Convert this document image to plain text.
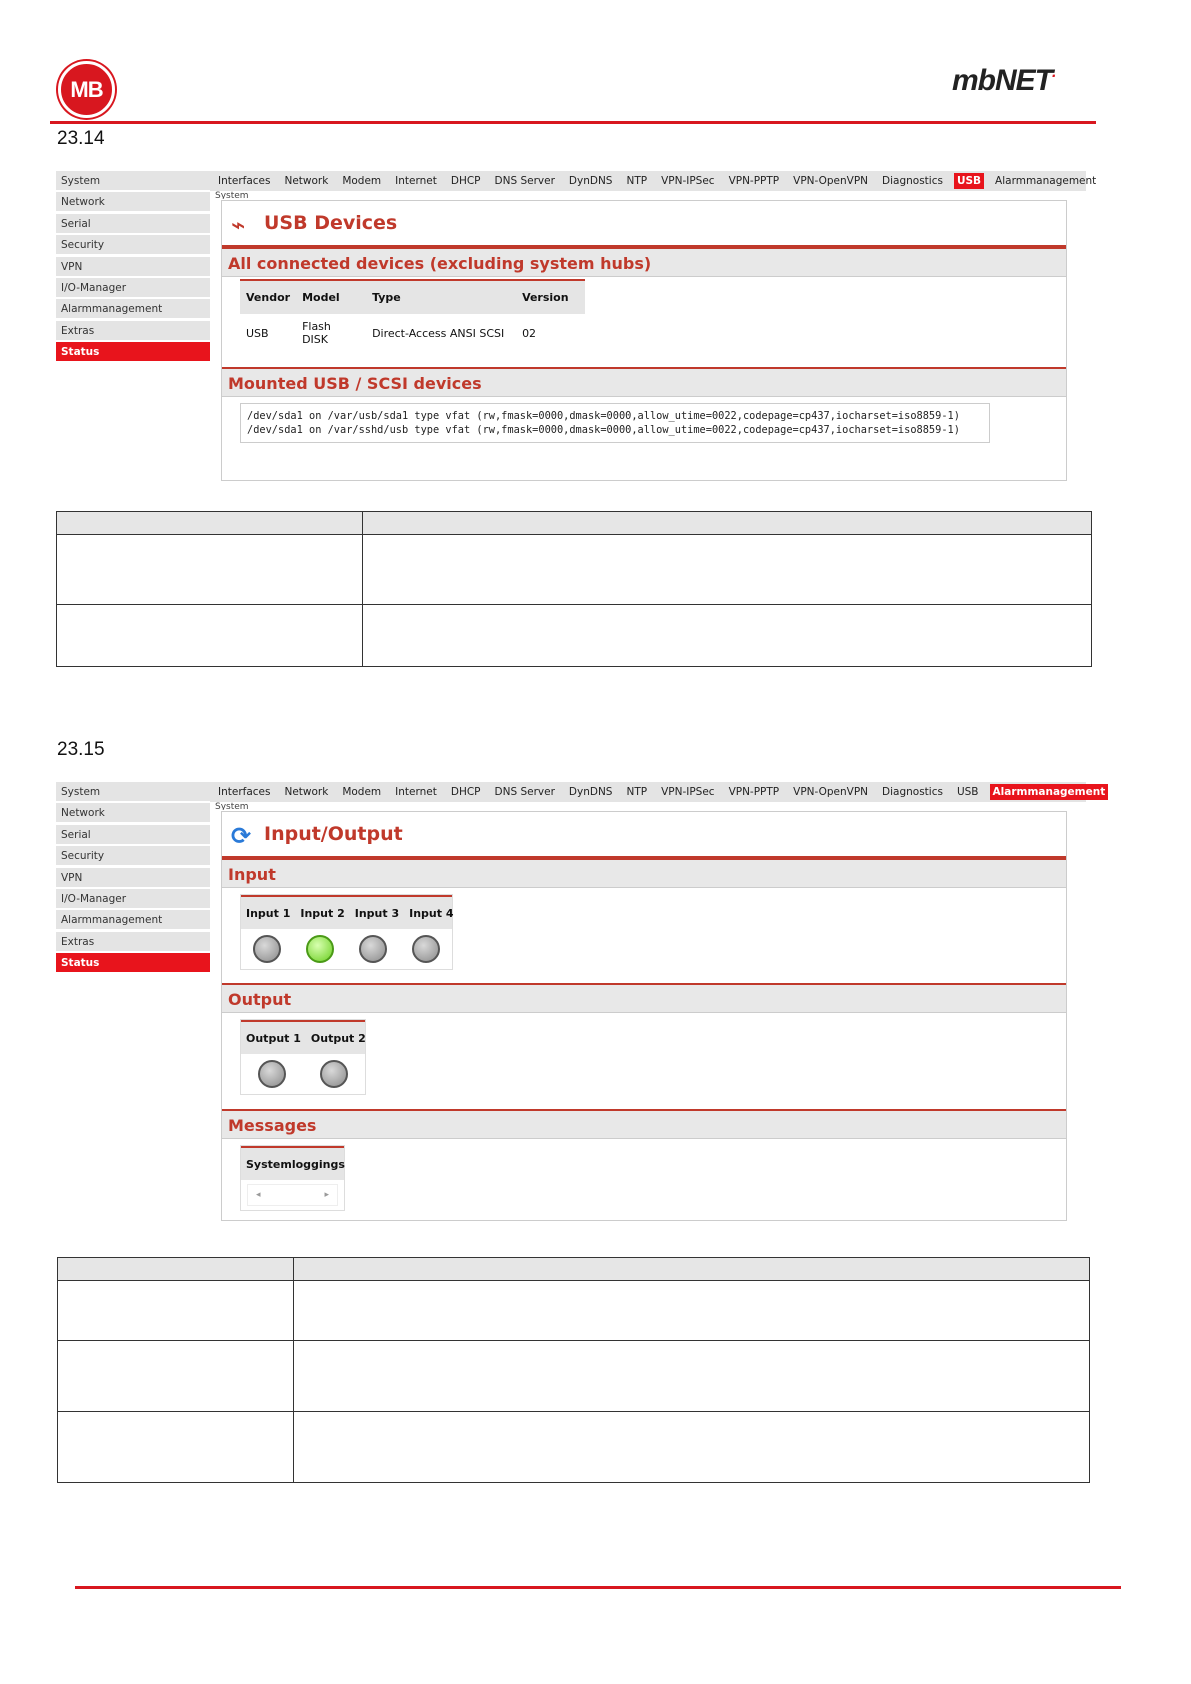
MB	mbNET.
23.14
System
Network
Serial
Security
VPN
I/O-Manager
Alarmmanagement
Extras
Status
Interfaces Network Modem Internet DHCP DNS Server DynDNS NTP VPN-IPSec VPN-PPTP VPN-OpenVPN Diagnostics USB Alarmmanagement
System
⌁ USB Devices
All connected devices (excluding system hubs)
Vendor	Model	Type	Version
USB	Flash DISK	Direct-Access ANSI SCSI	02
Mounted USB / SCSI devices
/dev/sda1 on /var/usb/sda1 type vfat (rw,fmask=0000,dmask=0000,allow_utime=0022,codepage=cp437,iocharset=iso8859-1)
/dev/sda1 on /var/sshd/usb type vfat (rw,fmask=0000,dmask=0000,allow_utime=0022,codepage=cp437,iocharset=iso8859-1)

23.15
System
Network
Serial
Security
VPN
I/O-Manager
Alarmmanagement
Extras
Status
Interfaces Network Modem Internet DHCP DNS Server DynDNS NTP VPN-IPSec VPN-PPTP VPN-OpenVPN Diagnostics USB Alarmmanagement
System
⟳ Input/Output
Input
Input 1 Input 2 Input 3 Input 4
Output
Output 1 Output 2
Messages
Systemloggings
◂	▸
